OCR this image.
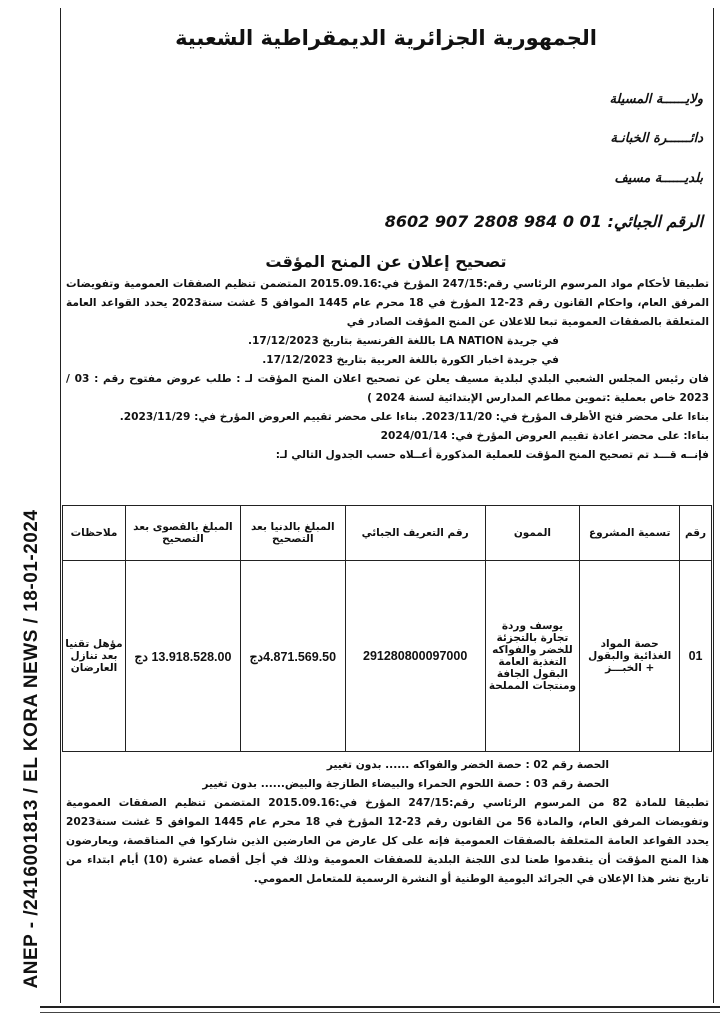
ANEP - /2416001813 / EL KORA NEWS / 18-01-2024
الجمهورية الجزائرية الديمقراطية الشعبية
ولايــــــة المسيلة
دائــــــرة الخبانـة
بلديــــــة مسيف
الرقم الجبائي: 01 0 984 2808 907 8602
تصحيح إعلان عن المنح المؤقت

تطبيقا لأحكام مواد المرسوم الرئاسي رقم:247/15 المؤرخ في:2015.09.16 المتضمن تنظيم الصفقات العمومية وتفويضات المرفق العام، واحكام القانون رقم 23-12 المؤرخ في 18 محرم عام 1445 الموافق 5 غشت سنة2023 يحدد القواعد العامة المتعلقة بالصفقات العمومية تبعا للاعلان عن المنح المؤقت الصادر في

في جريدة LA NATION باللغة الفرنسية بتاريخ 17/12/2023.

في جريدة اخبار الكورة باللغة العربية بتاريخ 17/12/2023.

فان رئيس المجلس الشعبي البلدي لبلدية مسيف يعلن عن تصحيح اعلان المنح المؤقت لـ : طلب عروض مفتوح رقم : 03 / 2023 خاص بعملية :تموين مطاعم المدارس الإبتدائية لسنة 2024 )

بناءا على محضر فتح الأظرف المؤرخ في: 2023/11/20. بناءا على محضر تقييم العروض المؤرخ في: 2023/11/29.

بناءا: على محضر اعادة تقييم العروض المؤرخ في: 2024/01/14

فإنــه قـــد تم تصحيح المنح المؤقت للعملية المذكورة أعــلاه حسب الجدول التالي لـ:

رقم	تسمية المشروع	الممون	رقم التعريف الجبائي	المبلغ بالدنيا بعد التصحيح	المبلغ بالقصوى بعد التصحيح	ملاحظات
01	حصة المواد الغذائية والبقول + الخبـــز	يوسف وردة تجارة بالتجزئة للخضر والفواكه التغذية العامة البقول الجافة ومنتجات المملحة	291280800097000	4.871.569.50دج	13.918.528.00 دج	مؤهل تقنيا بعد تنازل العارضان

الحصة رقم 02 : حصة الخضر والفواكه ...... بدون تغيير

الحصة رقم 03 : حصة اللحوم الحمراء والبيضاء الطازجة والبيض...... بدون تغيير

تطبيقا للمادة 82 من المرسوم الرئاسي رقم:247/15 المؤرخ في:2015.09.16 المتضمن تنظيم الصفقات العمومية وتفويضات المرفق العام، والمادة 56 من القانون رقم 23-12 المؤرخ في 18 محرم عام 1445 الموافق 5 غشت سنة2023 يحدد القواعد العامة المتعلقة بالصفقات العمومية فإنه على كل عارض من العارضين الذين شاركوا في المناقصة، ويعارضون هذا المنح المؤقت أن يتقدموا طعنا لدى اللجنة البلدية للصفقات العمومية وذلك في أجل أقصاه عشرة (10) أيام ابتداء من تاريخ نشر هذا الإعلان في الجرائد اليومية الوطنية أو النشرة الرسمية للمتعامل العمومي.
